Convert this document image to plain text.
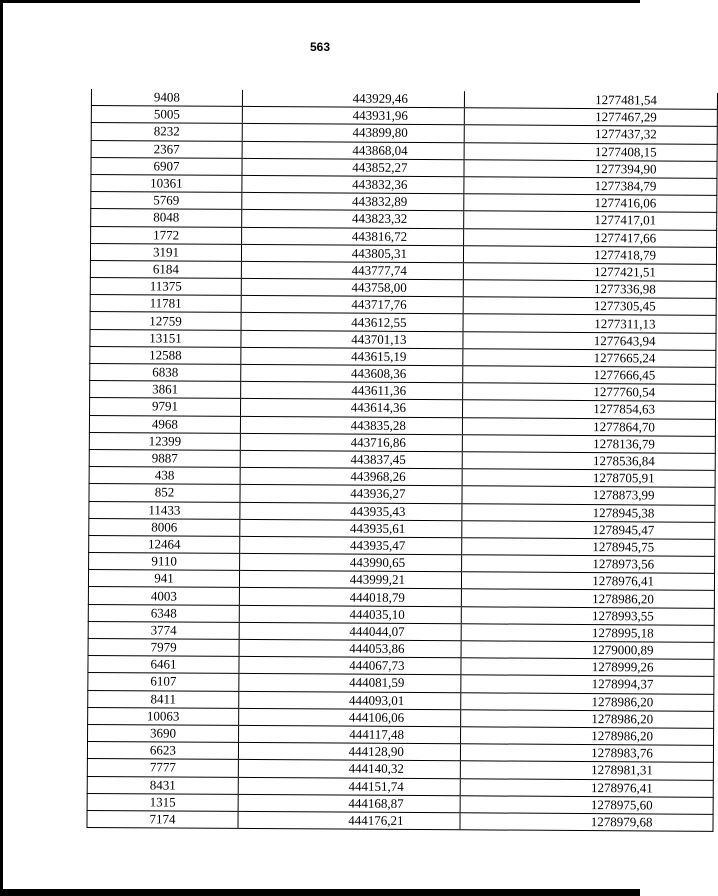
563
9408	443929,46	1277481,54
5005	443931,96	1277467,29
8232	443899,80	1277437,32
2367	443868,04	1277408,15
6907	443852,27	1277394,90
10361	443832,36	1277384,79
5769	443832,89	1277416,06
8048	443823,32	1277417,01
1772	443816,72	1277417,66
3191	443805,31	1277418,79
6184	443777,74	1277421,51
11375	443758,00	1277336,98
11781	443717,76	1277305,45
12759	443612,55	1277311,13
13151	443701,13	1277643,94
12588	443615,19	1277665,24
6838	443608,36	1277666,45
3861	443611,36	1277760,54
9791	443614,36	1277854,63
4968	443835,28	1277864,70
12399	443716,86	1278136,79
9887	443837,45	1278536,84
438	443968,26	1278705,91
852	443936,27	1278873,99
11433	443935,43	1278945,38
8006	443935,61	1278945,47
12464	443935,47	1278945,75
9110	443990,65	1278973,56
941	443999,21	1278976,41
4003	444018,79	1278986,20
6348	444035,10	1278993,55
3774	444044,07	1278995,18
7979	444053,86	1279000,89
6461	444067,73	1278999,26
6107	444081,59	1278994,37
8411	444093,01	1278986,20
10063	444106,06	1278986,20
3690	444117,48	1278986,20
6623	444128,90	1278983,76
7777	444140,32	1278981,31
8431	444151,74	1278976,41
1315	444168,87	1278975,60
7174	444176,21	1278979,68
